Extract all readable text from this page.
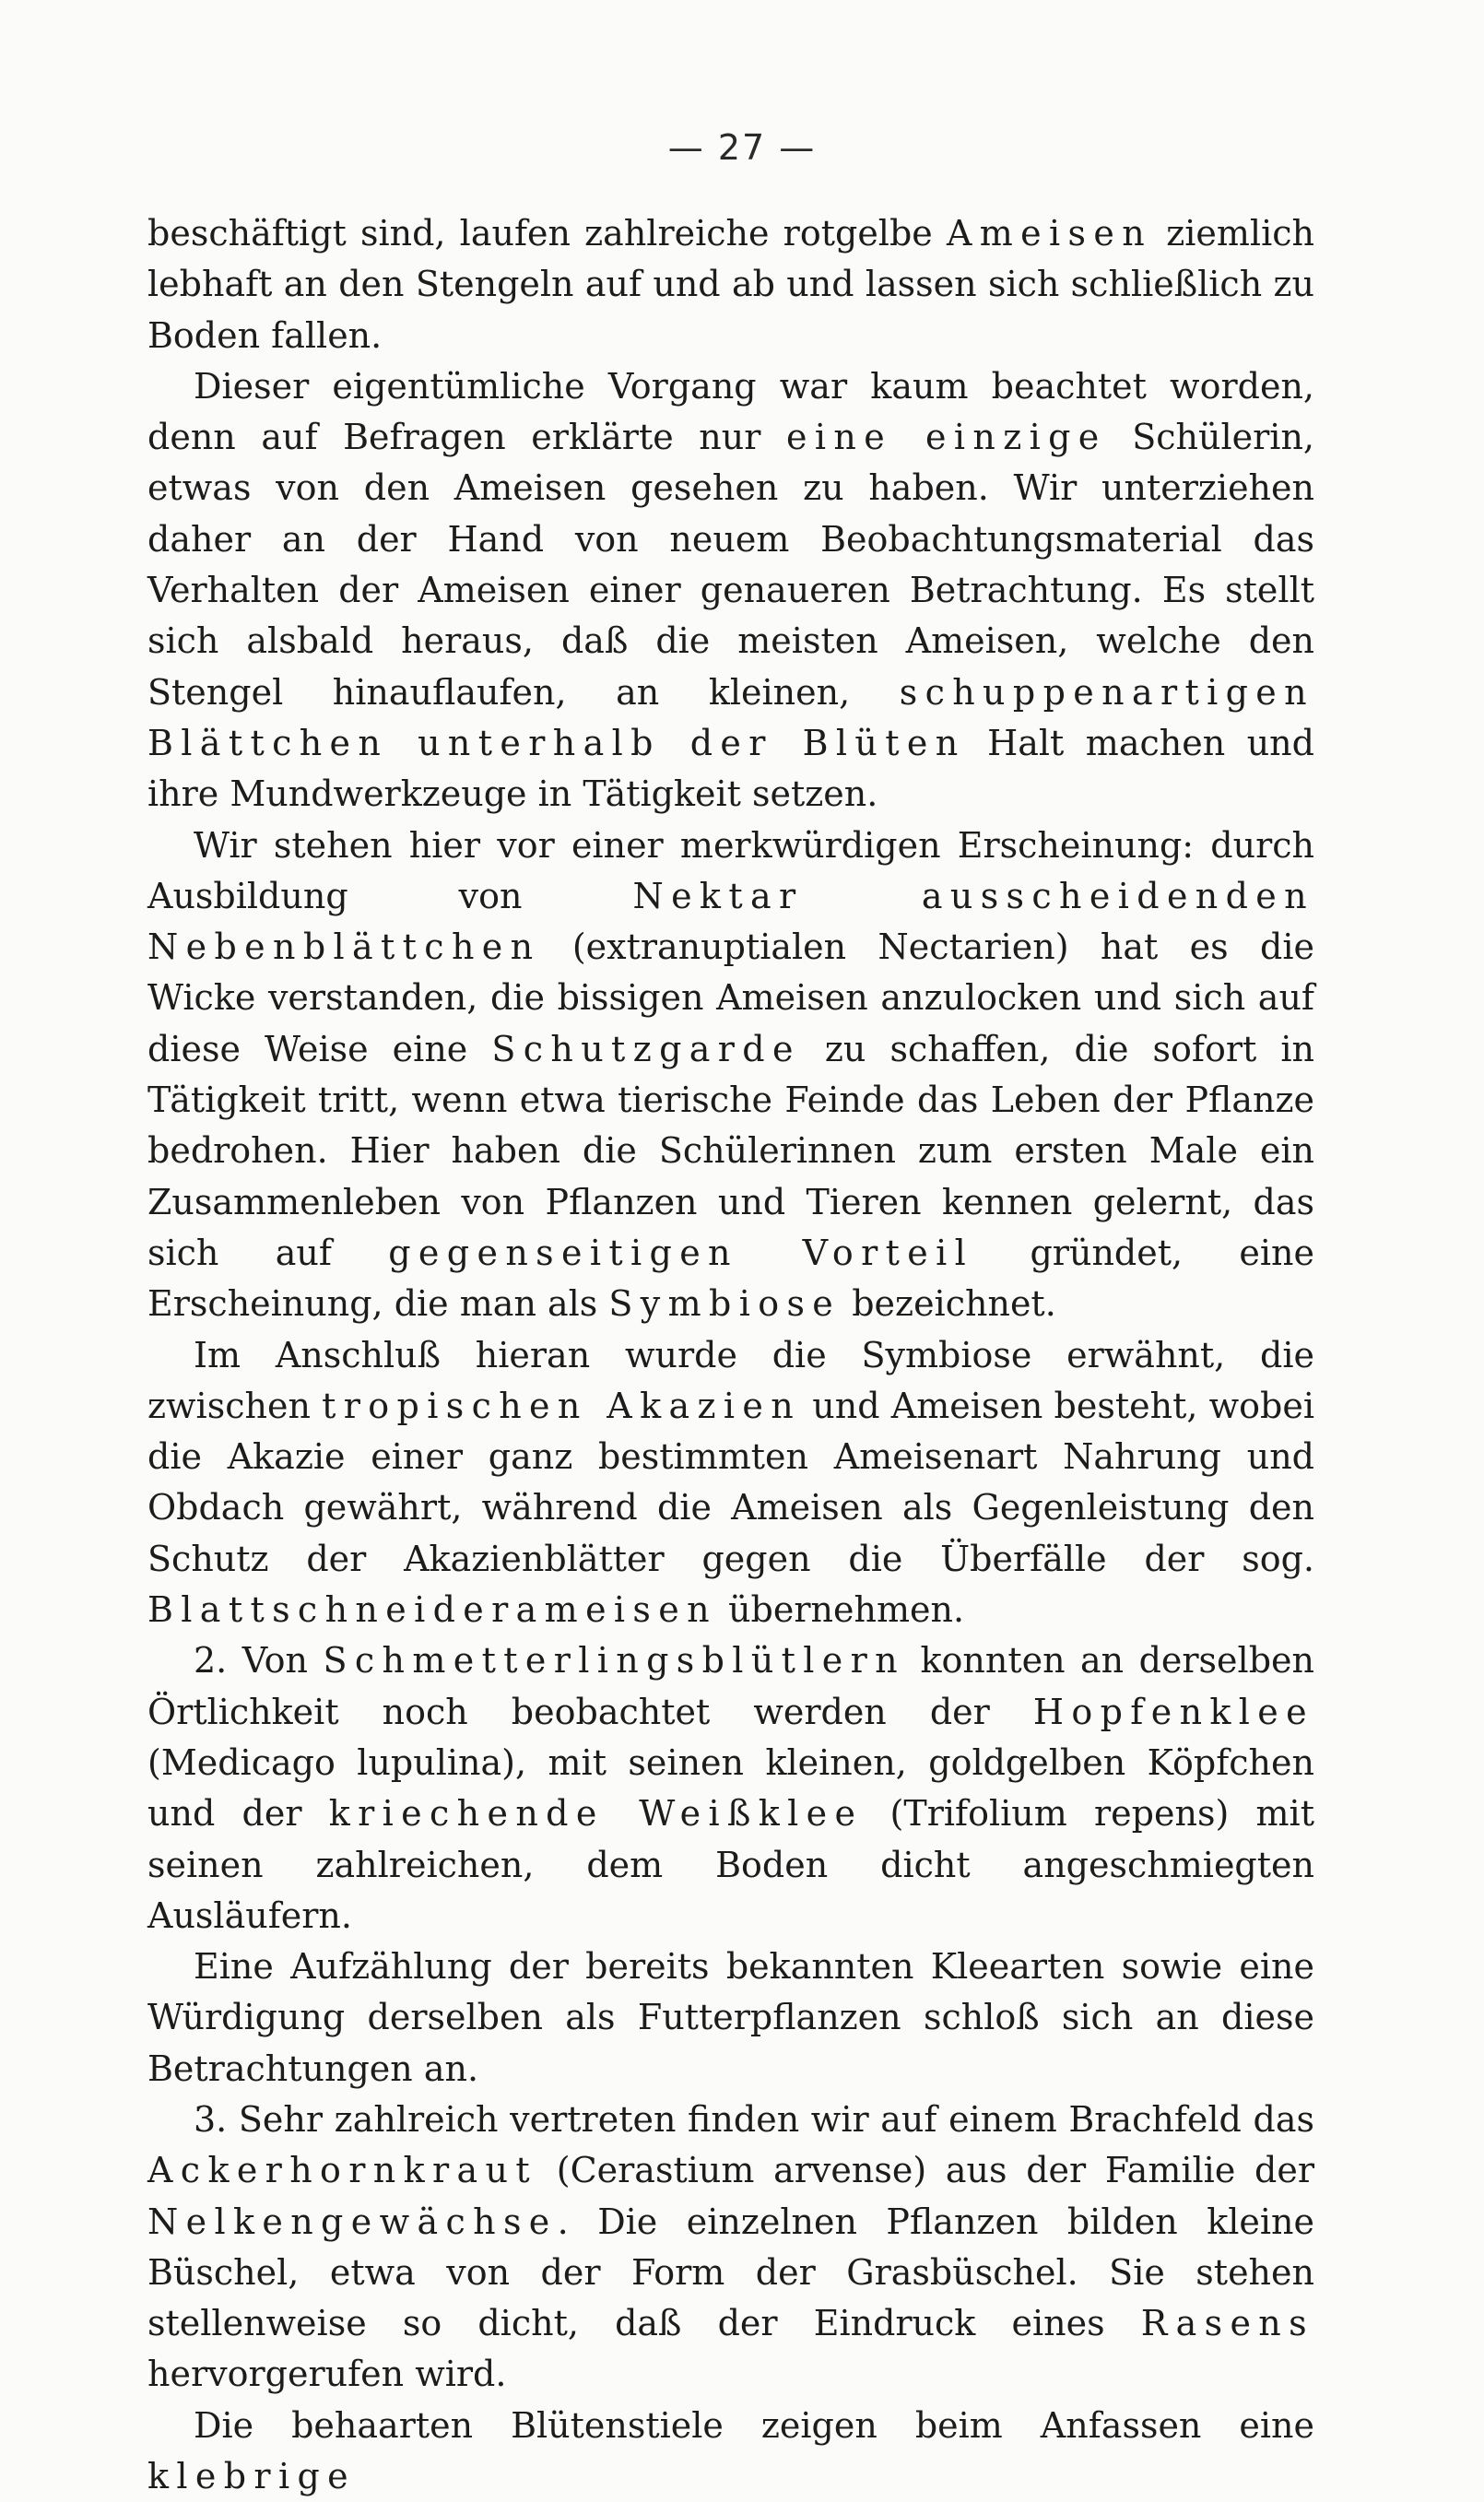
— 27 —

beschäftigt sind, laufen zahlreiche rotgelbe Ameisen ziemlich lebhaft an den Stengeln auf und ab und lassen sich schließlich zu Boden fallen.

Dieser eigentümliche Vorgang war kaum beachtet worden, denn auf Befragen erklärte nur eine einzige Schülerin, etwas von den Ameisen gesehen zu haben. Wir unterziehen daher an der Hand von neuem Beobachtungsmaterial das Verhalten der Ameisen einer genaueren Betrachtung. Es stellt sich alsbald heraus, daß die meisten Ameisen, welche den Stengel hinauflaufen, an kleinen, schuppenartigen Blättchen unterhalb der Blüten Halt machen und ihre Mundwerkzeuge in Tätigkeit setzen.

Wir stehen hier vor einer merkwürdigen Erscheinung: durch Ausbildung von Nektar ausscheidenden Nebenblättchen (extranuptialen Nectarien) hat es die Wicke verstanden, die bissigen Ameisen anzulocken und sich auf diese Weise eine Schutzgarde zu schaffen, die sofort in Tätigkeit tritt, wenn etwa tierische Feinde das Leben der Pflanze bedrohen. Hier haben die Schülerinnen zum ersten Male ein Zusammenleben von Pflanzen und Tieren kennen gelernt, das sich auf gegenseitigen Vorteil gründet, eine Erscheinung, die man als Symbiose bezeichnet.

Im Anschluß hieran wurde die Symbiose erwähnt, die zwischen tropischen Akazien und Ameisen besteht, wobei die Akazie einer ganz bestimmten Ameisenart Nahrung und Obdach gewährt, während die Ameisen als Gegenleistung den Schutz der Akazienblätter gegen die Überfälle der sog. Blattschneiderameisen übernehmen.

2. Von Schmetterlingsblütlern konnten an derselben Örtlichkeit noch beobachtet werden der Hopfenklee (Medicago lupulina), mit seinen kleinen, goldgelben Köpfchen und der kriechende Weißklee (Trifolium repens) mit seinen zahlreichen, dem Boden dicht angeschmiegten Ausläufern.

Eine Aufzählung der bereits bekannten Kleearten sowie eine Würdigung derselben als Futterpflanzen schloß sich an diese Betrachtungen an.

3. Sehr zahlreich vertreten finden wir auf einem Brachfeld das Ackerhornkraut (Cerastium arvense) aus der Familie der Nelkengewächse. Die einzelnen Pflanzen bilden kleine Büschel, etwa von der Form der Grasbüschel. Sie stehen stellenweise so dicht, daß der Eindruck eines Rasens hervorgerufen wird.

Die behaarten Blütenstiele zeigen beim Anfassen eine klebrige
